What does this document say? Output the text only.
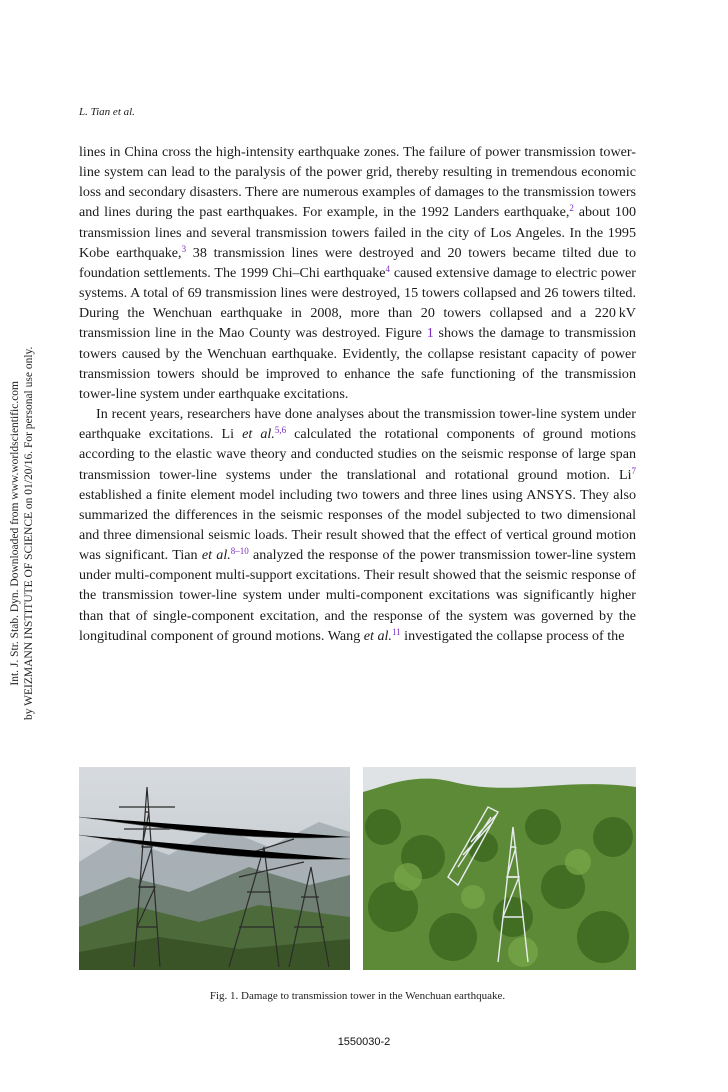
L. Tian et al.
Int. J. Str. Stab. Dyn. Downloaded from www.worldscientific.com by WEIZMANN INSTITUTE OF SCIENCE on 01/20/16. For personal use only.

lines in China cross the high-intensity earthquake zones. The failure of power transmission tower-line system can lead to the paralysis of the power grid, thereby resulting in tremendous economic loss and secondary disasters. There are numerous examples of damages to the transmission towers and lines during the past earthquakes. For example, in the 1992 Landers earthquake,$^2$ about 100 transmission lines and several transmission towers failed in the city of Los Angeles. In the 1995 Kobe earthquake,$^3$ 38 transmission lines were destroyed and 20 towers became tilted due to foundation settlements. The 1999 Chi–Chi earthquake$^4$ caused extensive damage to electric power systems. A total of 69 transmission lines were destroyed, 15 towers collapsed and 26 towers tilted. During the Wenchuan earthquake in 2008, more than 20 towers collapsed and a 220 kV transmission line in the Mao County was destroyed. Figure 1 shows the damage to transmission towers caused by the Wenchuan earthquake. Evidently, the collapse resistant capacity of power transmission towers should be improved to enhance the safe functioning of the transmission tower-line system under earthquake excitations.

In recent years, researchers have done analyses about the transmission tower-line system under earthquake excitations. Li et al.$^{5,6}$ calculated the rotational components of ground motions according to the elastic wave theory and conducted studies on the seismic response of large span transmission tower-line systems under the translational and rotational ground motion. Li$^7$ established a finite element model including two towers and three lines using ANSYS. They also summarized the differences in the seismic responses of the model subjected to two dimensional and three dimensional seismic loads. Their result showed that the effect of vertical ground motion was significant. Tian et al.$^{8-10}$ analyzed the response of the power transmission tower-line system under multi-component multi-support excitations. Their result showed that the seismic response of the transmission tower-line system under multi-component excitations was significantly higher than that of single-component excitation, and the response of the system was governed by the longitudinal component of ground motions. Wang et al.$^{11}$ investigated the collapse process of the

Fig. 1. Damage to transmission tower in the Wenchuan earthquake.
1550030-2
